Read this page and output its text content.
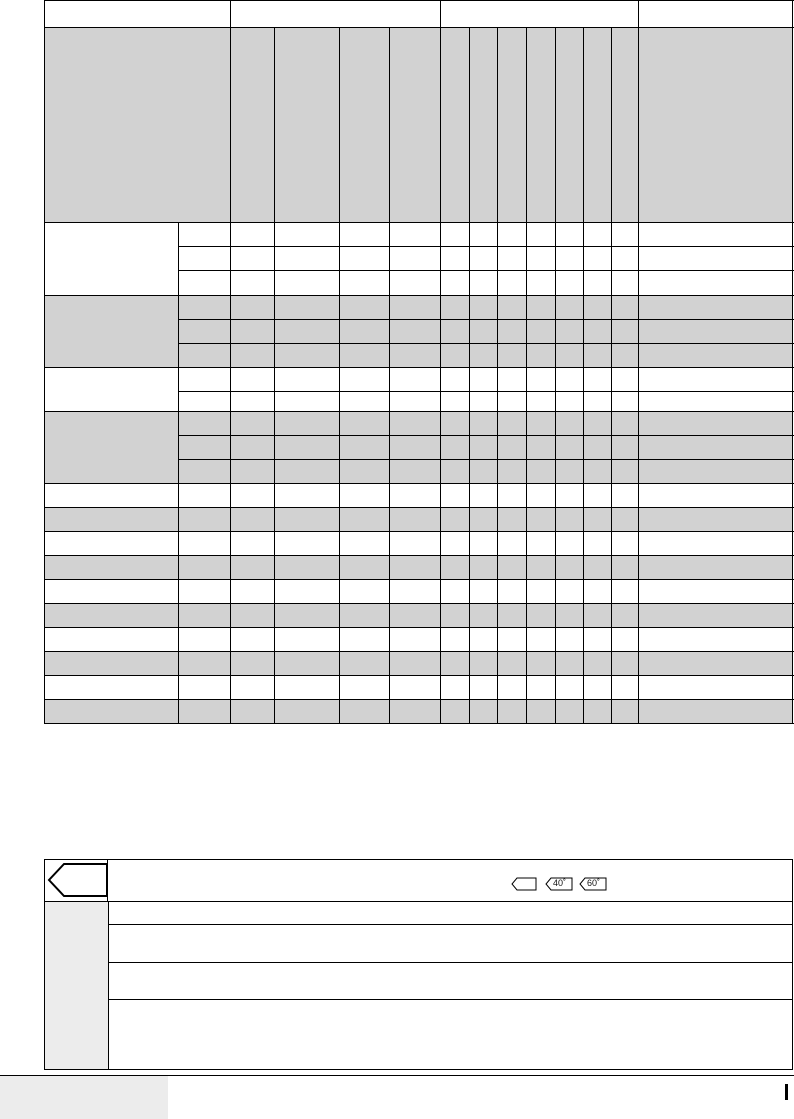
40˚ 60˚
